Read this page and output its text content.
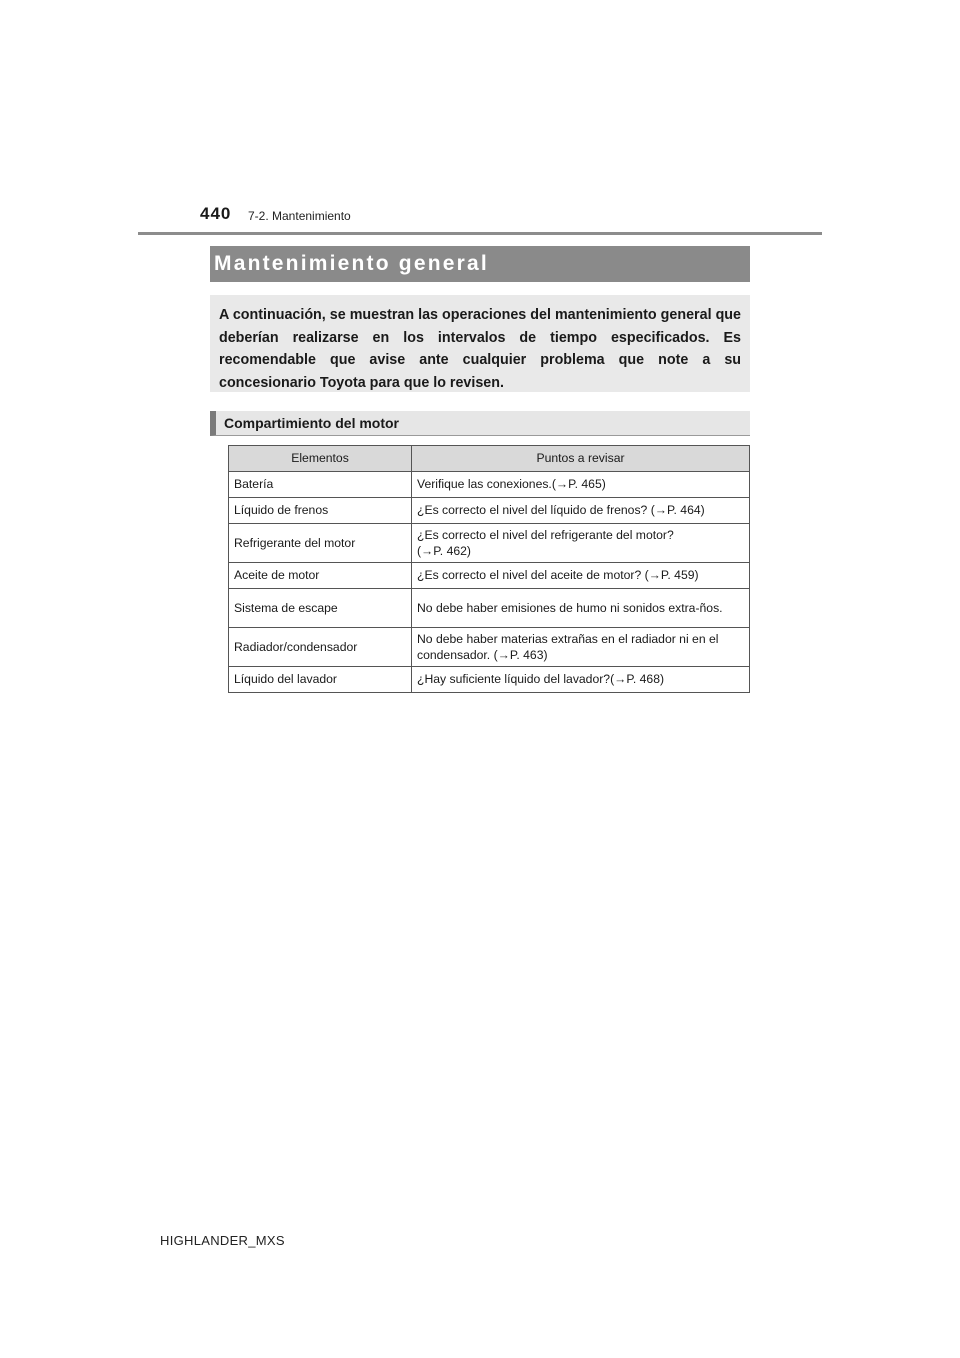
440 7-2. Mantenimiento
Mantenimiento general

A continuación, se muestran las operaciones del mantenimiento general que deberían realizarse en los intervalos de tiempo especificados. Es recomendable que avise ante cualquier problema que note a su concesionario Toyota para que lo revisen.

Compartimiento del motor
Elementos	Puntos a revisar
Batería	Verifique las conexiones.(→P. 465)
Líquido de frenos	¿Es correcto el nivel del líquido de frenos? (→P. 464)
Refrigerante del motor	¿Es correcto el nivel del refrigerante del motor?
(→P. 462)
Aceite de motor	¿Es correcto el nivel del aceite de motor? (→P. 459)
Sistema de escape	No debe haber emisiones de humo ni sonidos extra-ños.
Radiador/condensador	No debe haber materias extrañas en el radiador ni en el condensador. (→P. 463)
Líquido del lavador	¿Hay suficiente líquido del lavador?(→P. 468)
HIGHLANDER_MXS
